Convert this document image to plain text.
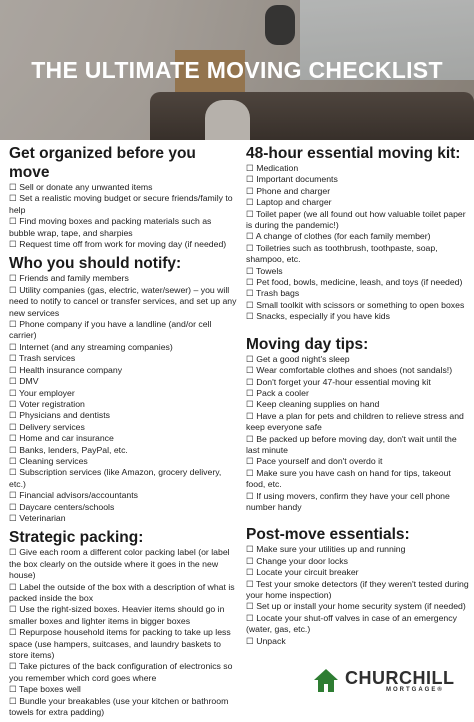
THE ULTIMATE MOVING CHECKLIST
Get organized before you move
☐ Sell or donate any unwanted items
☐ Set a realistic moving budget or secure friends/family to help
☐ Find moving boxes and packing materials such as bubble wrap, tape, and sharpies
☐ Request time off from work for moving day (if needed)
Who you should notify:
☐ Friends and family members
☐ Utility companies (gas, electric, water/sewer) – you will need to notify to cancel or transfer services, and set up any new services
☐ Phone company if you have a landline (and/or cell carrier)
☐ Internet (and any streaming companies)
☐ Trash services
☐ Health insurance company
☐ DMV
☐ Your employer
☐ Voter registration
☐ Physicians and dentists
☐ Delivery services
☐ Home and car insurance
☐ Banks, lenders, PayPal, etc.
☐ Cleaning services
☐ Subscription services (like Amazon, grocery delivery, etc.)
☐ Financial advisors/accountants
☐ Daycare centers/schools
☐ Veterinarian
Strategic packing:
☐ Give each room a different color packing label (or label the box clearly on the outside where it goes in the new house)
☐ Label the outside of the box with a description of what is packed inside the box
☐ Use the right-sized boxes. Heavier items should go in smaller boxes and lighter items in bigger boxes
☐ Repurpose household items for packing to take up less space (use hampers, suitcases, and laundry baskets to store items)
☐ Take pictures of the back configuration of electronics so you remember which cord goes where
☐ Tape boxes well
☐ Bundle your breakables (use your kitchen or bathroom towels for extra padding)
48-hour essential moving kit:
☐ Medication
☐ Important documents
☐ Phone and charger
☐ Laptop and charger
☐ Toilet paper (we all found out how valuable toilet paper is during the pandemic!)
☐ A change of clothes (for each family member)
☐ Toiletries such as toothbrush, toothpaste, soap, shampoo, etc.
☐ Towels
☐ Pet food, bowls, medicine, leash, and toys (if needed)
☐ Trash bags
☐ Small toolkit with scissors or something to open boxes
☐ Snacks, especially if you have kids
Moving day tips:
☐ Get a good night's sleep
☐ Wear comfortable clothes and shoes (not sandals!)
☐ Don't forget your 47-hour essential moving kit
☐ Pack a cooler
☐ Keep cleaning supplies on hand
☐ Have a plan for pets and children to relieve stress and keep everyone safe
☐ Be packed up before moving day, don't wait until the last minute
☐ Pace yourself and don't overdo it
☐ Make sure you have cash on hand for tips, takeout food, etc.
☐ If using movers, confirm they have your cell phone number handy
Post-move essentials:
☐ Make sure your utilities up and running
☐ Change your door locks
☐ Locate your circuit breaker
☐ Test your smoke detectors (if they weren't tested during your home inspection)
☐ Set up or install your home security system (if needed)
☐ Locate your shut-off valves in case of an emergency (water, gas, etc.)
☐ Unpack
CHURCHILL
MORTGAGE®
